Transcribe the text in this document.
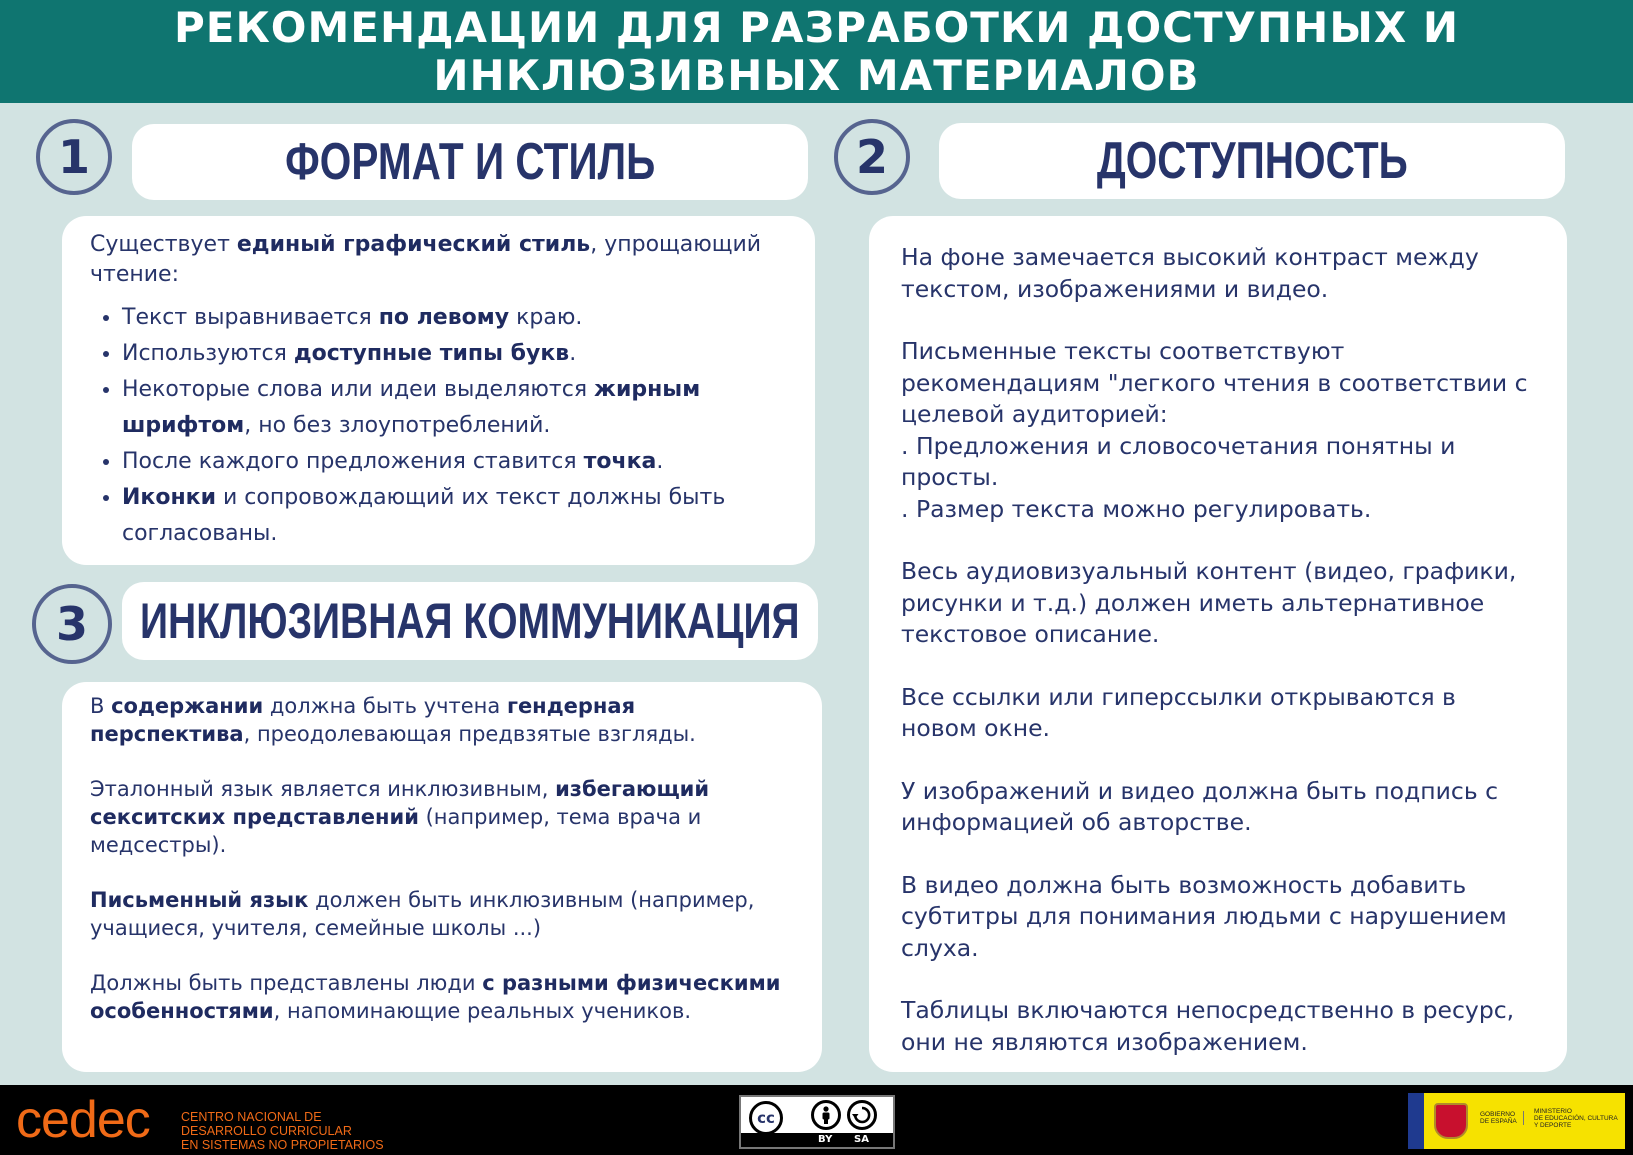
РЕКОМЕНДАЦИИ ДЛЯ РАЗРАБОТКИ ДОСТУПНЫХ И
ИНКЛЮЗИВНЫХ МАТЕРИАЛОВ
1	ФОРМАТ И СТИЛЬ

Существует единый графический стиль, упрощающий чтение:

• Текст выравнивается по левому краю.
• Используются доступные типы букв.
• Некоторые слова или идеи выделяются жирным шрифтом, но без злоупотреблений.
• После каждого предложения ставится точка.
• Иконки и сопровождающий их текст должны быть согласованы.
3	ИНКЛЮЗИВНАЯ КОММУНИКАЦИЯ

В содержании должна быть учтена гендерная перспектива, преодолевающая предвзятые взгляды.

Эталонный язык является инклюзивным, избегающий секситских представлений (например, тема врача и медсестры).

Письменный язык должен быть инклюзивным (например, учащиеся, учителя, семейные школы ...)

Должны быть представлены люди с разными физическими особенностями, напоминающие реальных учеников.

2	ДОСТУПНОСТЬ

На фоне замечается высокий контраст между текстом, изображениями и видео.

Письменные тексты соответствуют рекомендациям "легкого чтения в соответствии с целевой аудиторией:
. Предложения и словосочетания понятны и просты.
. Размер текста можно регулировать.

Весь аудиовизуальный контент (видео, графики, рисунки и т.д.) должен иметь альтернативное текстовое описание.

Все ссылки или гиперссылки открываются в новом окне.

У изображений и видео должна быть подпись с информацией об авторстве.

В видео должна быть возможность добавить субтитры для понимания людьми с нарушением слуха.

Таблицы включаются непосредственно в ресурс, они не являются изображением.

cedec CENTRO NACIONAL DE
DESARROLLO CURRICULAR
EN SISTEMAS NO PROPIETARIOS
cc
BY SA
GOBIERNO
DE ESPAÑA
MINISTERIO
DE EDUCACIÓN, CULTURA
Y DEPORTE
